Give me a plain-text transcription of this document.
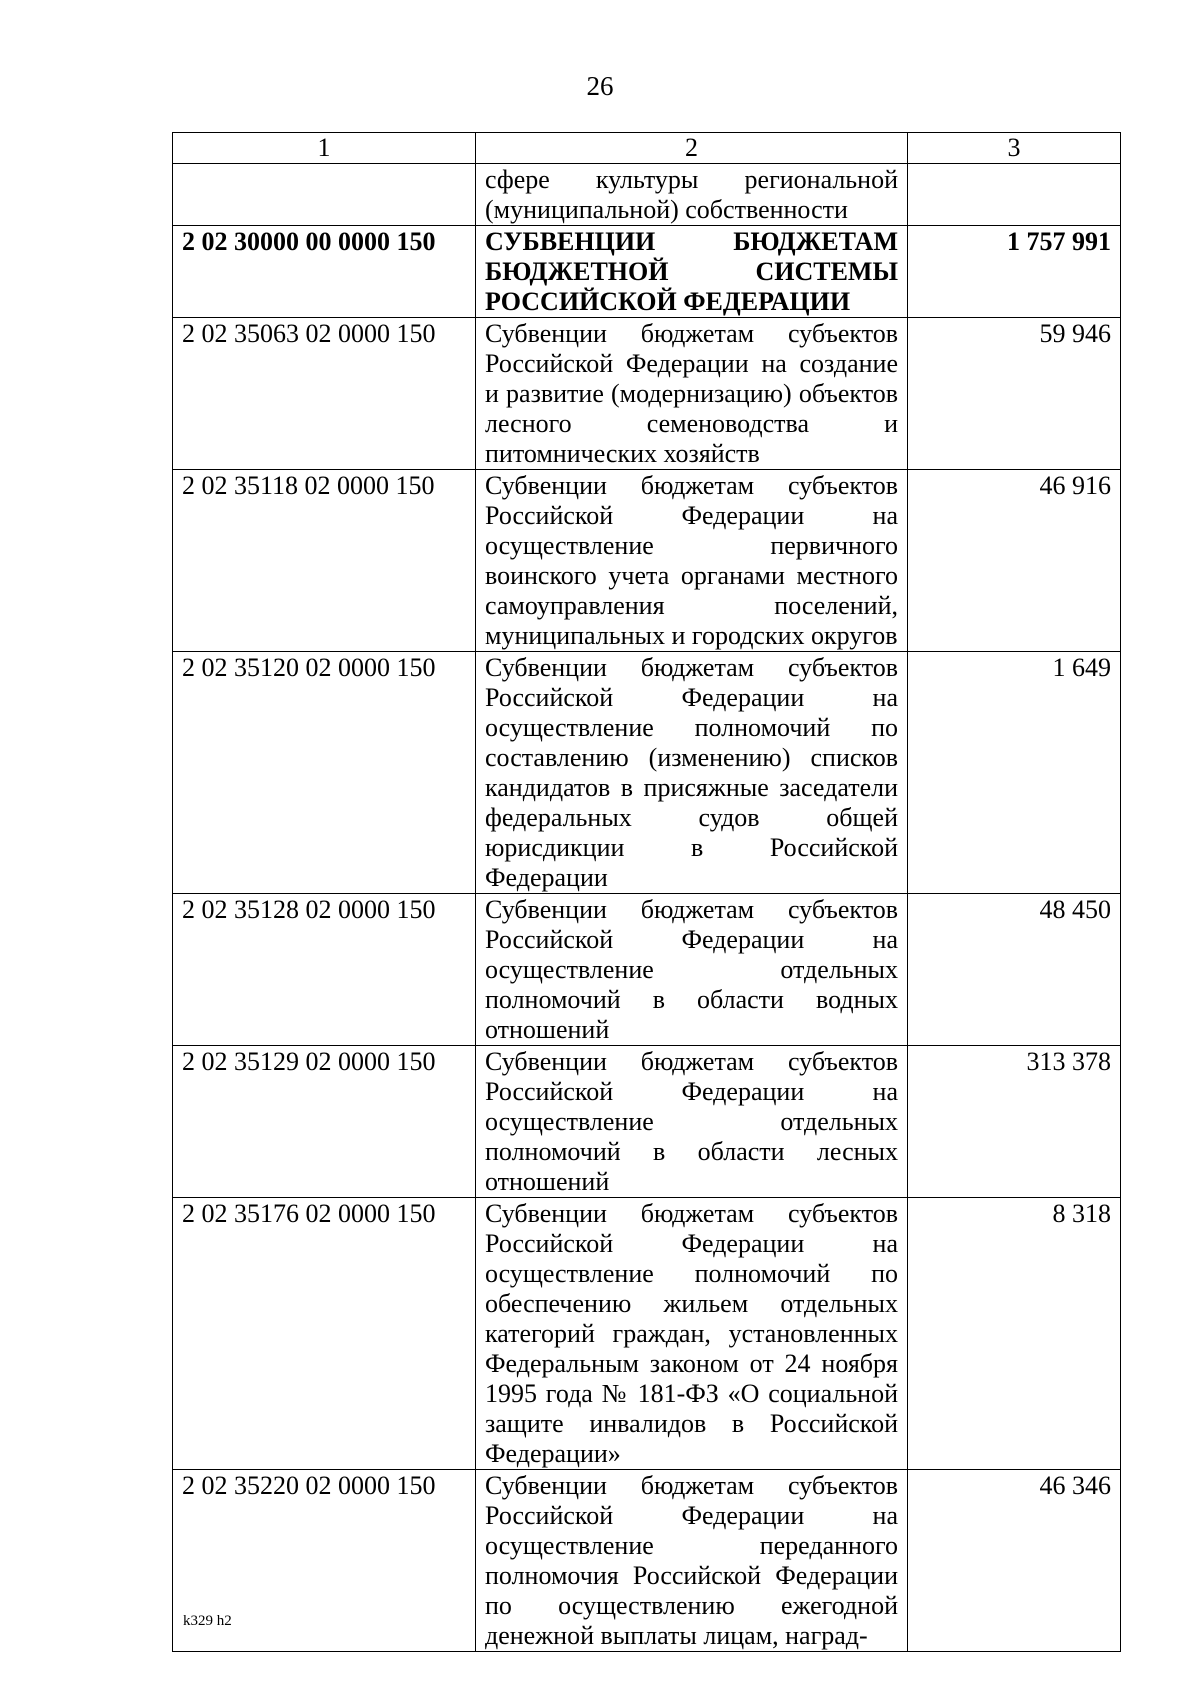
26
1	2	3
	сфере культуры региональной (муниципальной) собственности	
2 02 30000 00 0000 150	СУБВЕНЦИИ БЮДЖЕТАМ БЮДЖЕТНОЙ СИСТЕМЫ РОССИЙСКОЙ ФЕДЕРАЦИИ	1 757 991
2 02 35063 02 0000 150	Субвенции бюджетам субъектов Российской Федерации на создание и развитие (модернизацию) объектов лесного семеноводства и питомнических хозяйств	59 946
2 02 35118 02 0000 150	Субвенции бюджетам субъектов Российской Федерации на осуществление первичного воинского учета органами местного самоуправления поселений, муниципальных и городских округов	46 916
2 02 35120 02 0000 150	Субвенции бюджетам субъектов Российской Федерации на осуществление полномочий по составлению (изменению) списков кандидатов в присяжные заседатели федеральных судов общей юрисдикции в Российской Федерации	1 649
2 02 35128 02 0000 150	Субвенции бюджетам субъектов Российской Федерации на осуществление отдельных полномочий в области водных отношений	48 450
2 02 35129 02 0000 150	Субвенции бюджетам субъектов Российской Федерации на осуществление отдельных полномочий в области лесных отношений	313 378
2 02 35176 02 0000 150	Субвенции бюджетам субъектов Российской Федерации на осуществление полномочий по обеспечению жильем отдельных категорий граждан, установленных Федеральным законом от 24 ноября 1995 года № 181-ФЗ «О социальной защите инвалидов в Российской Федерации»	8 318
2 02 35220 02 0000 150	Субвенции бюджетам субъектов Российской Федерации на осуществление переданного полномочия Российской Федерации по осуществлению ежегодной денежной выплаты лицам, наград-	46 346
k329 h2
